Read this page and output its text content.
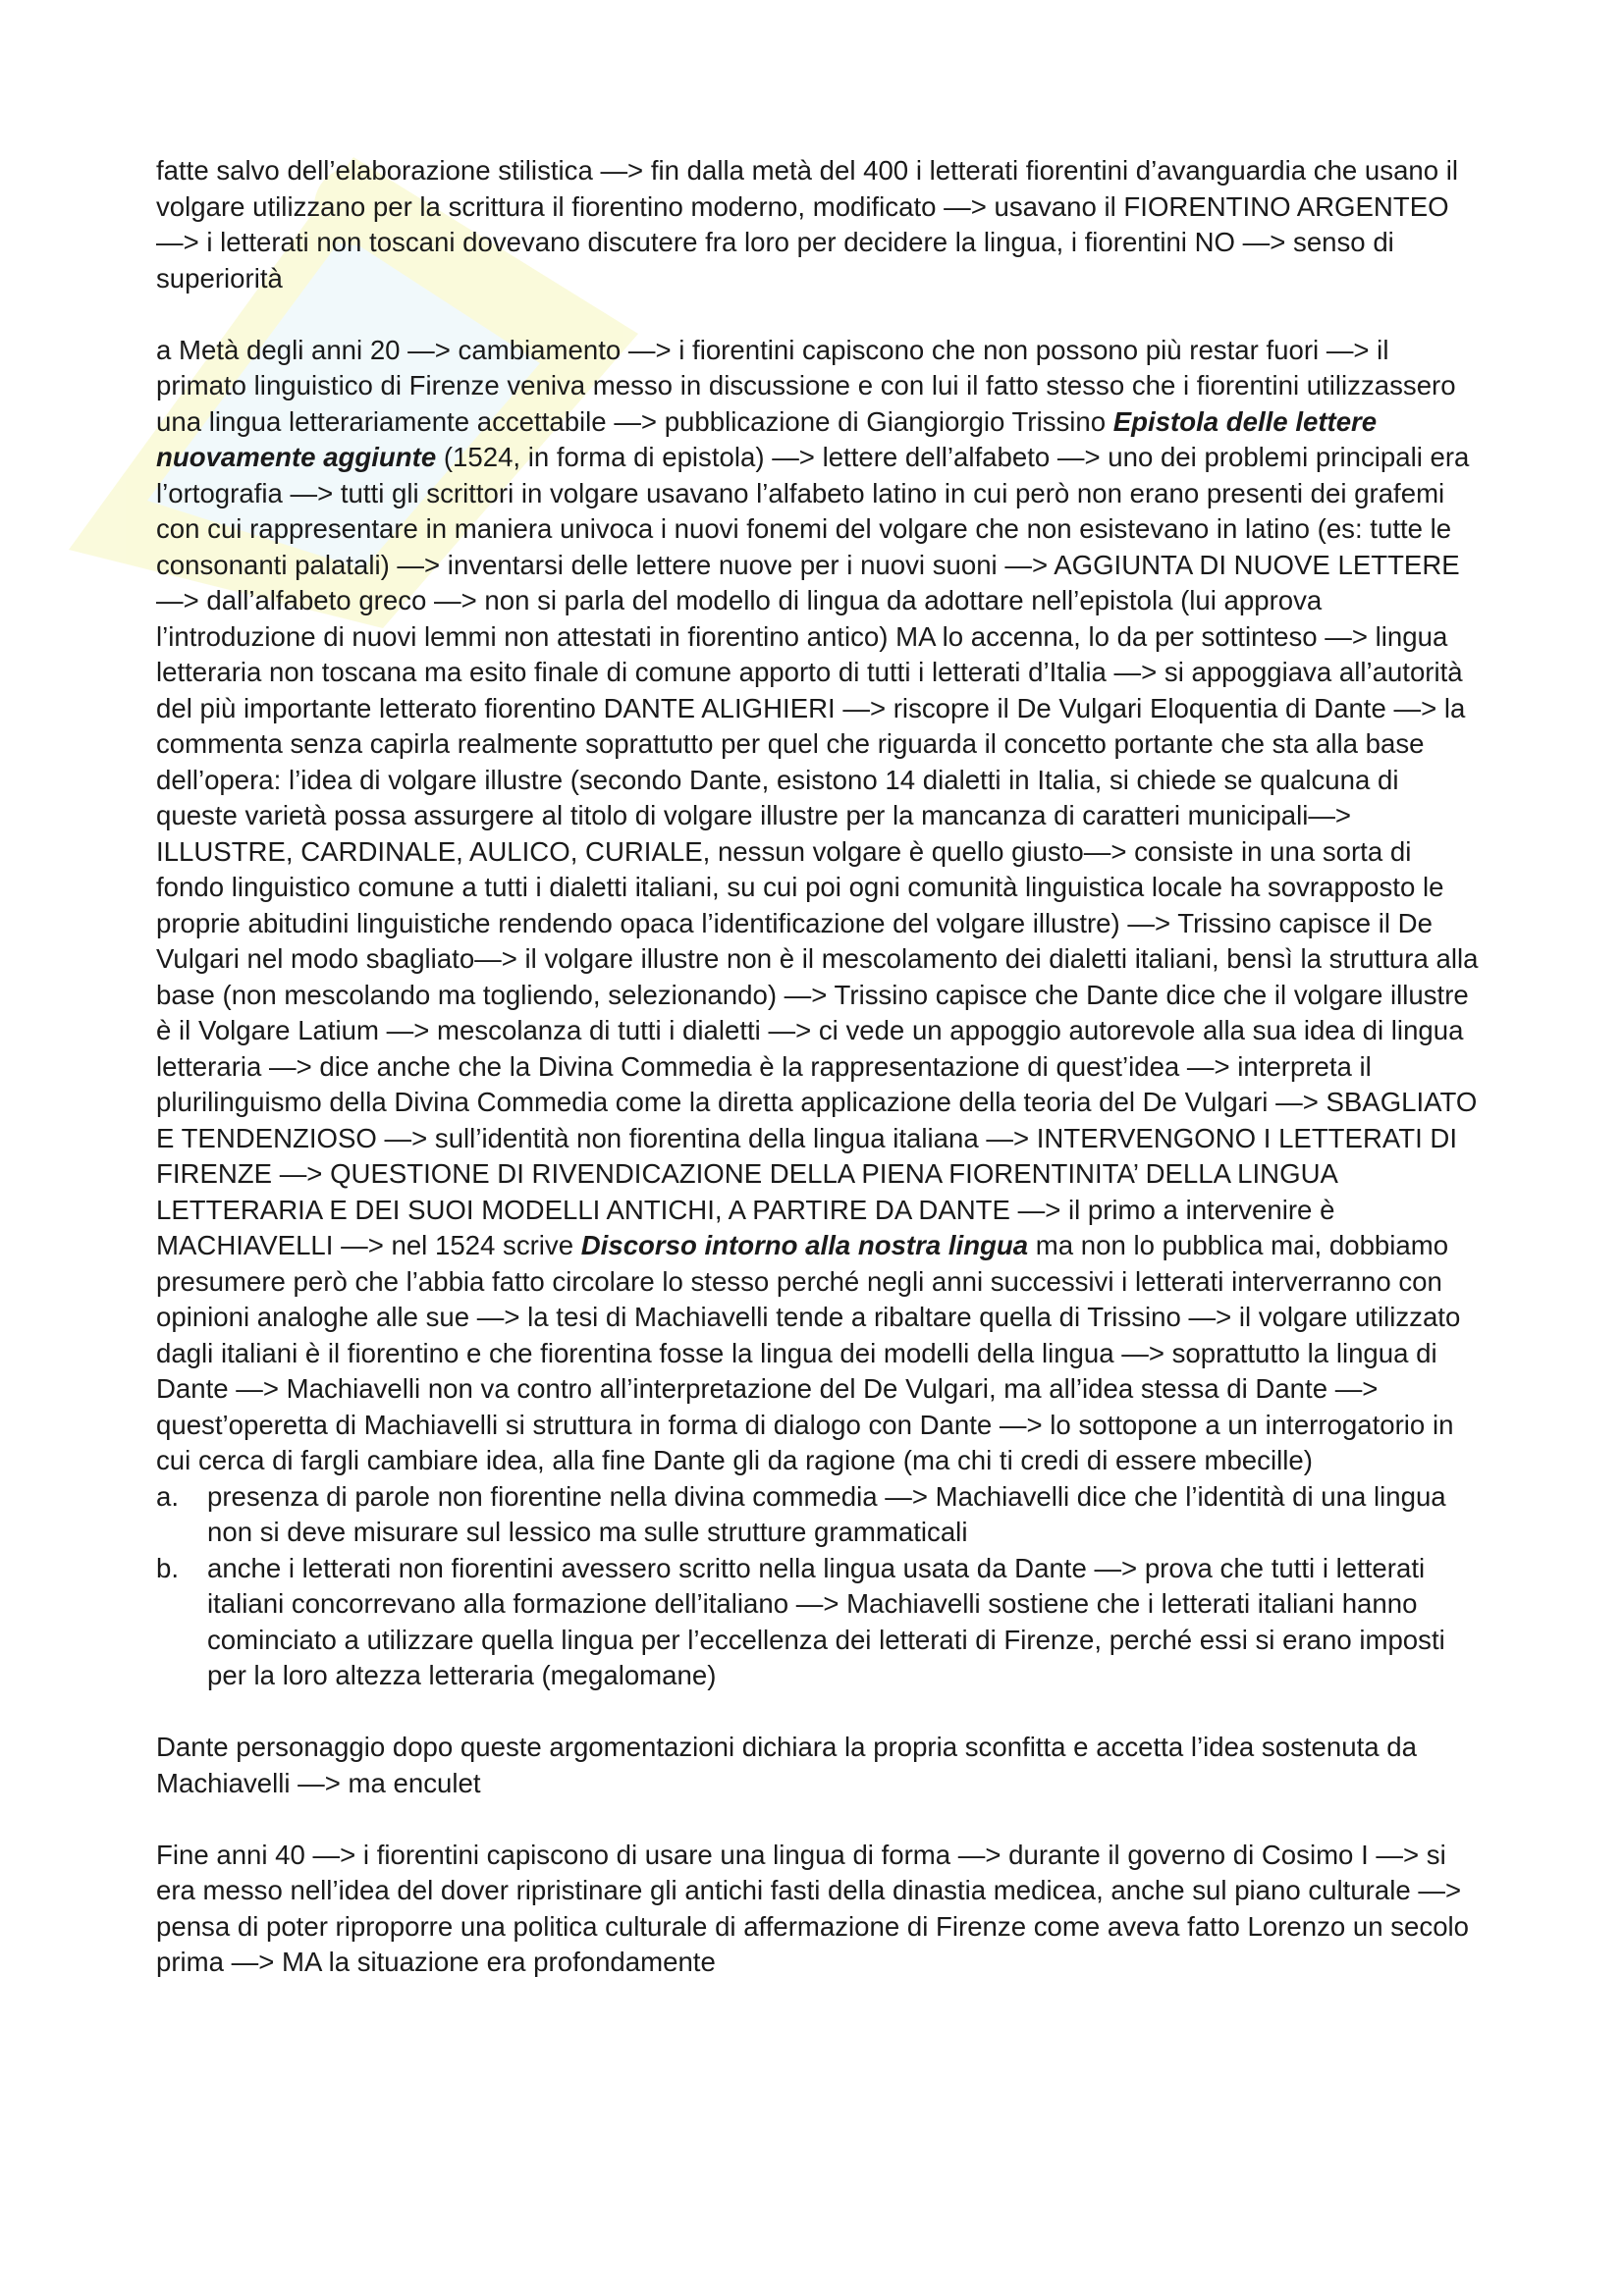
fatte salvo dell’elaborazione stilistica —> fin dalla metà del 400 i letterati fiorentini d’avanguardia che usano il volgare utilizzano per la scrittura il fiorentino moderno, modificato —> usavano il FIORENTINO ARGENTEO —> i letterati non toscani dovevano discutere fra loro per decidere la lingua, i fiorentini NO —> senso di superiorità

a Metà degli anni 20 —> cambiamento —> i fiorentini capiscono che non possono più restar fuori —> il primato linguistico di Firenze veniva messo in discussione e con lui il fatto stesso che i fiorentini utilizzassero una lingua letterariamente accettabile —> pubblicazione di Giangiorgio Trissino Epistola delle lettere nuovamente aggiunte (1524, in forma di epistola) —> lettere dell’alfabeto —> uno dei problemi principali era l’ortografia —> tutti gli scrittori in volgare usavano l’alfabeto latino in cui però non erano presenti dei grafemi con cui rappresentare in maniera univoca i nuovi fonemi del volgare che non esistevano in latino (es: tutte le consonanti palatali) —> inventarsi delle lettere nuove per i nuovi suoni —> AGGIUNTA DI NUOVE LETTERE —> dall’alfabeto greco —> non si parla del modello di lingua da adottare nell’epistola (lui approva l’introduzione di nuovi lemmi non attestati in fiorentino antico) MA lo accenna, lo da per sottinteso —> lingua letteraria non toscana ma esito finale di comune apporto di tutti i letterati d’Italia —> si appoggiava all’autorità del più importante letterato fiorentino DANTE ALIGHIERI —> riscopre il De Vulgari Eloquentia di Dante —> la commenta senza capirla realmente soprattutto per quel che riguarda il concetto portante che sta alla base dell’opera: l’idea di volgare illustre (secondo Dante, esistono 14 dialetti in Italia, si chiede se qualcuna di queste varietà possa assurgere al titolo di volgare illustre per la mancanza di caratteri municipali—> ILLUSTRE, CARDINALE, AULICO, CURIALE, nessun volgare è quello giusto—> consiste in una sorta di fondo linguistico comune a tutti i dialetti italiani, su cui poi ogni comunità linguistica locale ha sovrapposto le proprie abitudini linguistiche rendendo opaca l’identificazione del volgare illustre) —> Trissino capisce il De Vulgari nel modo sbagliato—> il volgare illustre non è il mescolamento dei dialetti italiani, bensì la struttura alla base (non mescolando ma togliendo, selezionando) —> Trissino capisce che Dante dice che il volgare illustre è il Volgare Latium —> mescolanza di tutti i dialetti —> ci vede un appoggio autorevole alla sua idea di lingua letteraria —> dice anche che la Divina Commedia è la rappresentazione di quest’idea —> interpreta il plurilinguismo della Divina Commedia come la diretta applicazione della teoria del De Vulgari —> SBAGLIATO E TENDENZIOSO —> sull’identità non fiorentina della lingua italiana —> INTERVENGONO I LETTERATI DI FIRENZE —> QUESTIONE DI RIVENDICAZIONE DELLA PIENA FIORENTINITA’ DELLA LINGUA LETTERARIA E DEI SUOI MODELLI ANTICHI, A PARTIRE DA DANTE —> il primo a intervenire è MACHIAVELLI —> nel 1524 scrive Discorso intorno alla nostra lingua ma non lo pubblica mai, dobbiamo presumere però che l’abbia fatto circolare lo stesso perché negli anni successivi i letterati interverranno con opinioni analoghe alle sue —> la tesi di Machiavelli tende a ribaltare quella di Trissino —> il volgare utilizzato dagli italiani è il fiorentino e che fiorentina fosse la lingua dei modelli della lingua —> soprattutto la lingua di Dante —> Machiavelli non va contro all’interpretazione del De Vulgari, ma all’idea stessa di Dante —> quest’operetta di Machiavelli si struttura in forma di dialogo con Dante —> lo sottopone a un interrogatorio in cui cerca di fargli cambiare idea, alla fine Dante gli da ragione (ma chi ti credi di essere mbecille)

a. presenza di parole non fiorentine nella divina commedia —> Machiavelli dice che l’identità di una lingua non si deve misurare sul lessico ma sulle strutture grammaticali
b. anche i letterati non fiorentini avessero scritto nella lingua usata da Dante —> prova che tutti i letterati italiani concorrevano alla formazione dell’italiano —> Machiavelli sostiene che i letterati italiani hanno cominciato a utilizzare quella lingua per l’eccellenza dei letterati di Firenze, perché essi si erano imposti per la loro altezza letteraria (megalomane)

Dante personaggio dopo queste argomentazioni dichiara la propria sconfitta e accetta l’idea sostenuta da Machiavelli —> ma enculet

Fine anni 40 —> i fiorentini capiscono di usare una lingua di forma —> durante il governo di Cosimo I —> si era messo nell’idea del dover ripristinare gli antichi fasti della dinastia medicea, anche sul piano culturale —> pensa di poter riproporre una politica culturale di affermazione di Firenze come aveva fatto Lorenzo un secolo prima —> MA la situazione era profondamente
